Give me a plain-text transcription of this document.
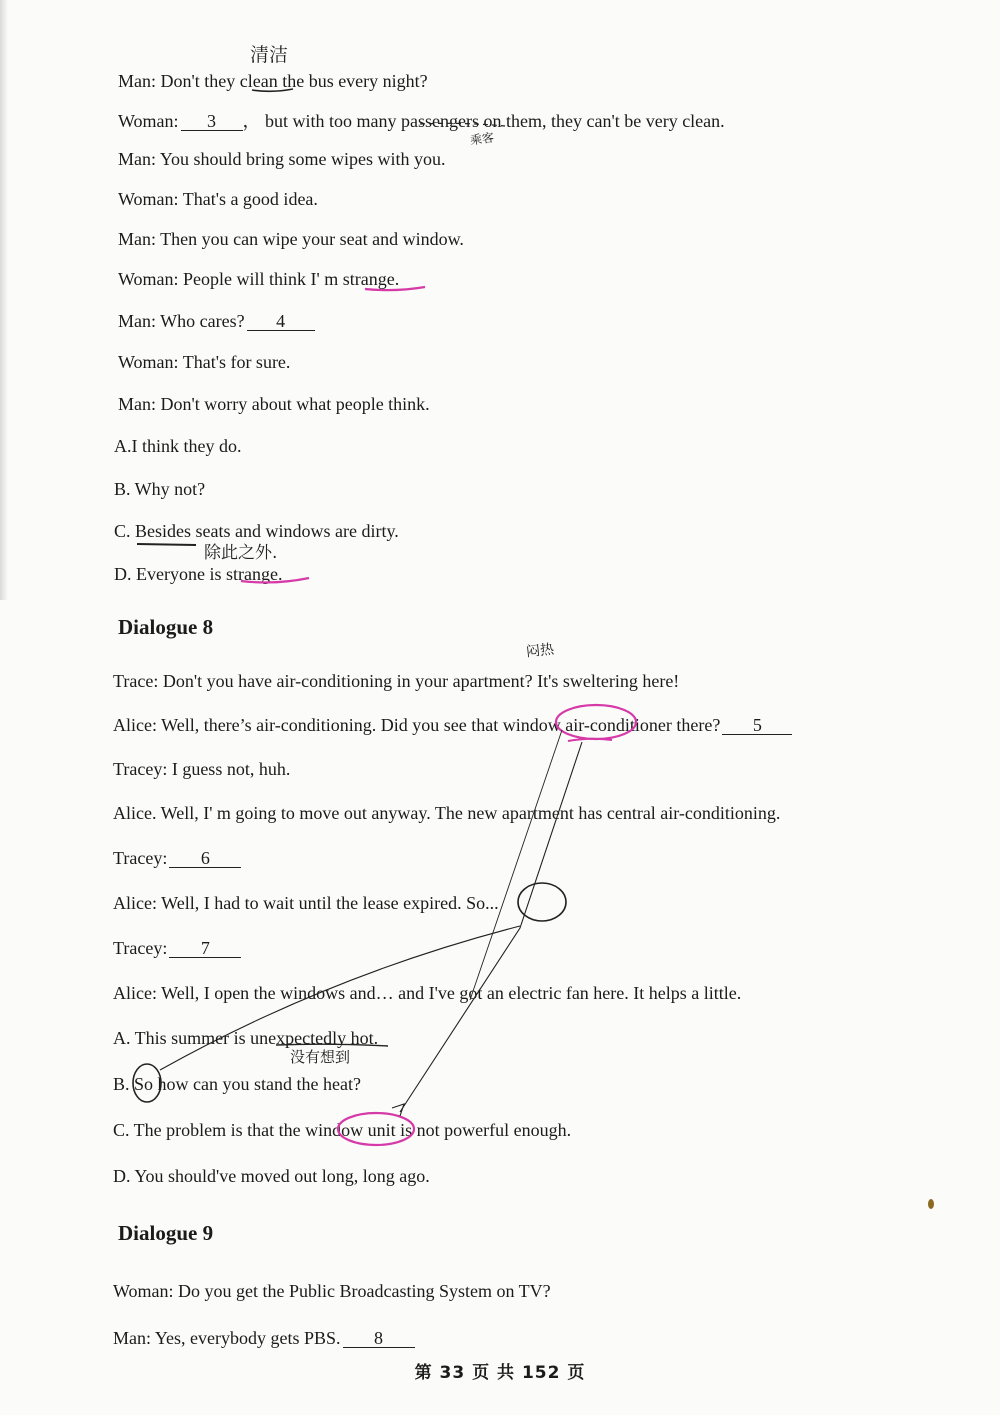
Man: Don't they clean the bus every night?
Woman: 3 ， but with too many passengers on them, they can't be very clean.
Man: You should bring some wipes with you.
Woman: That's a good idea.
Man: Then you can wipe your seat and window.
Woman: People will think I' m strange.
Man: Who cares? 4
Woman: That's for sure.
Man: Don't worry about what people think.
A.I think they do.
B. Why not?
C. Besides seats and windows are dirty.
D. Everyone is strange.
Dialogue 8
Trace: Don't you have air-conditioning in your apartment? It's sweltering here!
Alice: Well, there’s air-conditioning. Did you see that window air-conditioner there? 5
Tracey: I guess not, huh.
Alice. Well, I' m going to move out anyway. The new apartment has central air-conditioning.
Tracey: 6
Alice: Well, I had to wait until the lease expired. So...
Tracey: 7
Alice: Well, I open the windows and… and I've got an electric fan here. It helps a little.
A. This summer is unexpectedly hot.
B. So how can you stand the heat?
C. The problem is that the window unit is not powerful enough.
D. You should've moved out long, long ago.
Dialogue 9
Woman: Do you get the Public Broadcasting System on TV?
Man: Yes, everybody gets PBS. 8
第 33 页 共 152 页
清洁
乘客
除此之外.
闷热
没有想到
